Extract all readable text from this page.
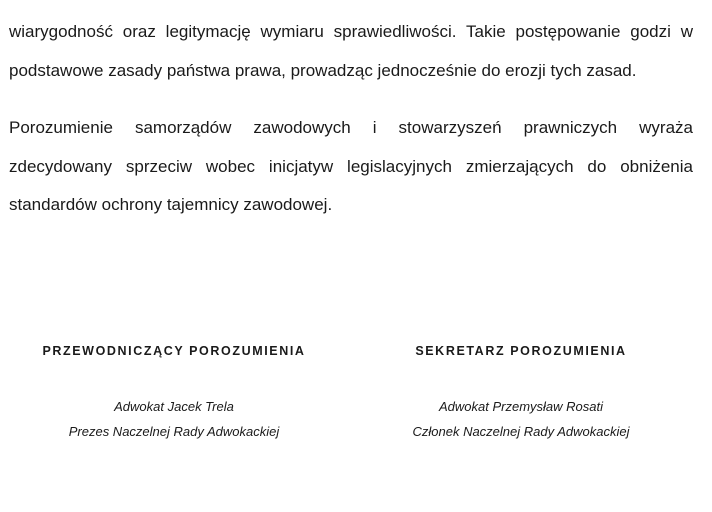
wiarygodność oraz legitymację wymiaru sprawiedliwości. Takie postępowanie godzi w podstawowe zasady państwa prawa, prowadząc jednocześnie do erozji tych zasad.

Porozumienie samorządów zawodowych i stowarzyszeń prawniczych wyraża zdecydowany sprzeciw wobec inicjatyw legislacyjnych zmierzających do obniżenia standardów ochrony tajemnicy zawodowej.

PRZEWODNICZĄCY POROZUMIENIA

Adwokat Jacek Trela

Prezes Naczelnej Rady Adwokackiej

SEKRETARZ POROZUMIENIA

Adwokat Przemysław Rosati

Członek Naczelnej Rady Adwokackiej
